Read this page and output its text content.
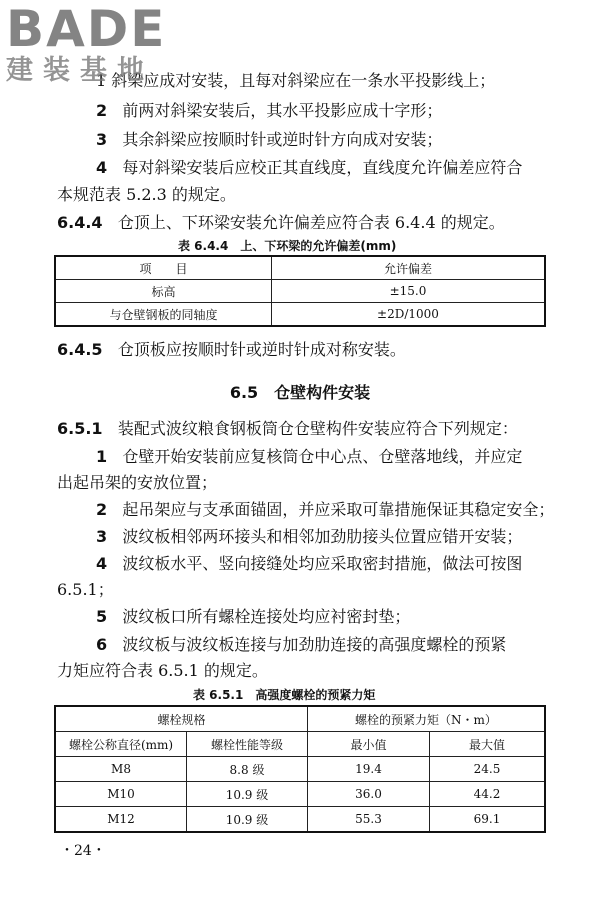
BADE
建装基地
1 斜梁应成对安装，且每对斜梁应在一条水平投影线上；
2 前两对斜梁安装后，其水平投影应成十字形；
3 其余斜梁应按顺时针或逆时针方向成对安装；
4 每对斜梁安装后应校正其直线度，直线度允许偏差应符合
本规范表 5.2.3 的规定。
6.4.4 仓顶上、下环梁安装允许偏差应符合表 6.4.4 的规定。
表 6.4.4　上、下环梁的允许偏差(mm)
项　　目	允许偏差
标高	±15.0
与仓壁钢板的同轴度	±2D/1000
6.4.5 仓顶板应按顺时针或逆时针成对称安装。
6.5　仓壁构件安装
6.5.1 装配式波纹粮食钢板筒仓仓壁构件安装应符合下列规定：
1 仓壁开始安装前应复核筒仓中心点、仓壁落地线，并应定
出起吊架的安放位置；
2 起吊架应与支承面锚固，并应采取可靠措施保证其稳定安全；
3 波纹板相邻两环接头和相邻加劲肋接头位置应错开安装；
4 波纹板水平、竖向接缝处均应采取密封措施，做法可按图
6.5.1；
5 波纹板口所有螺栓连接处均应衬密封垫；
6 波纹板与波纹板连接与加劲肋连接的高强度螺栓的预紧
力矩应符合表 6.5.1 的规定。
表 6.5.1　高强度螺栓的预紧力矩
螺栓规格		螺栓的预紧力矩（N・m）	
螺栓公称直径(mm)	螺栓性能等级	最小值	最大值
M8	8.8 级	19.4	24.5
M10	10.9 级	36.0	44.2
M12	10.9 级	55.3	69.1
・24・
